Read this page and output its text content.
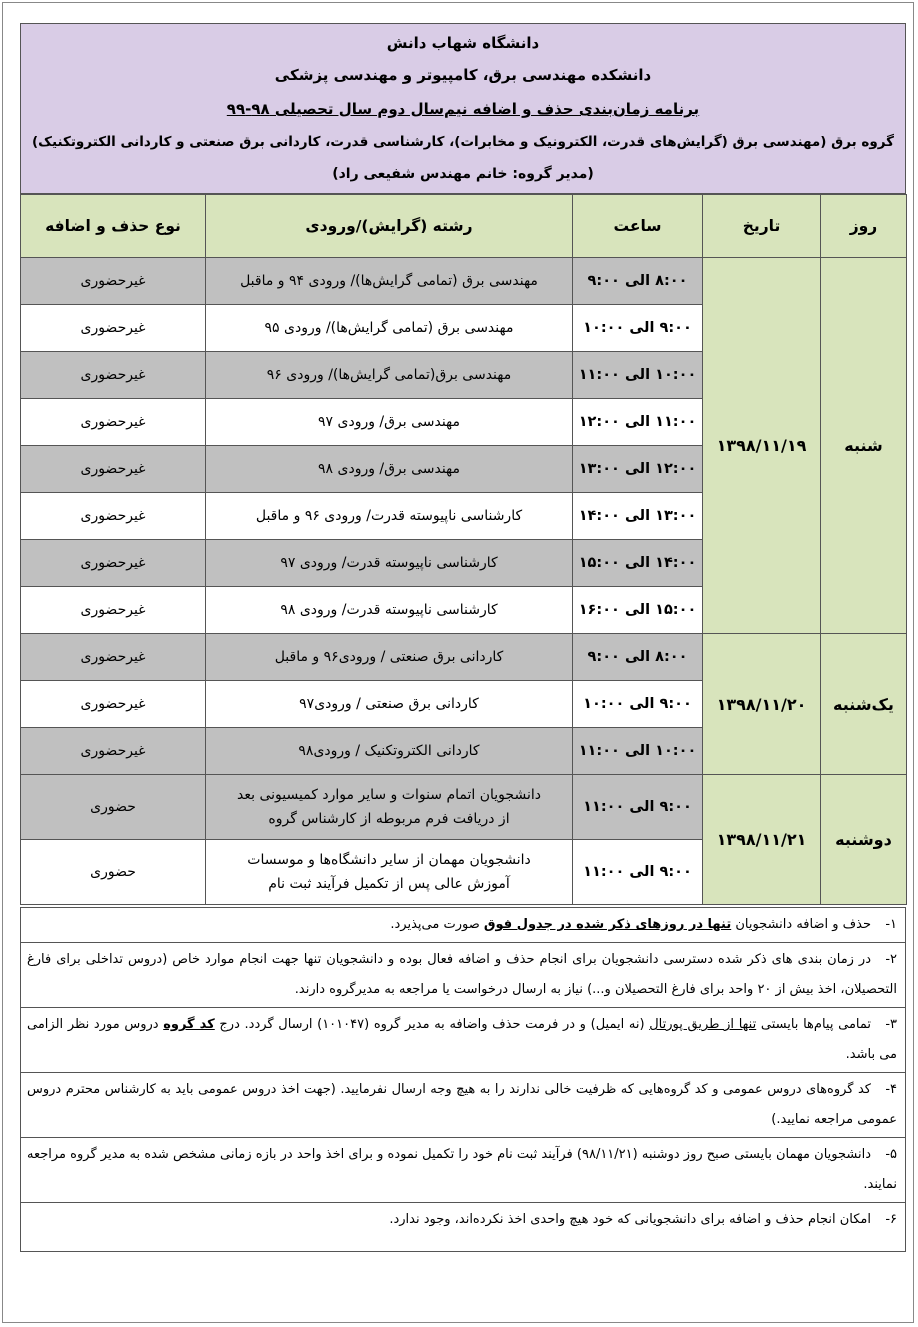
دانشگاه شهاب دانش
دانشکده مهندسی برق، کامپیوتر و مهندسی پزشکی
برنامه زمان‌بندی حذف و اضافه نیم‌سال دوم سال تحصیلی ۹۸-۹۹
گروه برق (مهندسی برق (گرایش‌های قدرت، الکترونیک و مخابرات)، کارشناسی قدرت، کاردانی برق صنعتی و کاردانی الکتروتکنیک)
(مدیر گروه: خانم مهندس شفیعی راد)
روز	تاریخ	ساعت	رشته (گرایش)/ورودی	نوع حذف و اضافه
شنبه	۱۳۹۸/۱۱/۱۹	۸:۰۰ الی ۹:۰۰	مهندسی برق (تمامی گرایش‌ها)/ ورودی ۹۴ و ماقبل	غیرحضوری
		۹:۰۰ الی ۱۰:۰۰	مهندسی برق (تمامی گرایش‌ها)/ ورودی ۹۵	غیرحضوری
		۱۰:۰۰ الی ۱۱:۰۰	مهندسی برق(تمامی گرایش‌ها)/ ورودی ۹۶	غیرحضوری
		۱۱:۰۰ الی ۱۲:۰۰	مهندسی برق/ ورودی ۹۷	غیرحضوری
		۱۲:۰۰ الی ۱۳:۰۰	مهندسی برق/ ورودی ۹۸	غیرحضوری
		۱۳:۰۰ الی ۱۴:۰۰	کارشناسی ناپیوسته قدرت/ ورودی ۹۶ و ماقبل	غیرحضوری
		۱۴:۰۰ الی ۱۵:۰۰	کارشناسی ناپیوسته قدرت/ ورودی ۹۷	غیرحضوری
		۱۵:۰۰ الی ۱۶:۰۰	کارشناسی ناپیوسته قدرت/ ورودی ۹۸	غیرحضوری
یک‌شنبه	۱۳۹۸/۱۱/۲۰	۸:۰۰ الی ۹:۰۰	کاردانی برق صنعتی / ورودی۹۶ و ماقبل	غیرحضوری
		۹:۰۰ الی ۱۰:۰۰	کاردانی برق صنعتی / ورودی۹۷	غیرحضوری
		۱۰:۰۰ الی ۱۱:۰۰	کاردانی الکتروتکنیک / ورودی۹۸	غیرحضوری
دوشنبه	۱۳۹۸/۱۱/۲۱	۹:۰۰ الی ۱۱:۰۰	دانشجویان اتمام سنوات و سایر موارد کمیسیونی بعد
از دریافت فرم مربوطه از کارشناس گروه	حضوری
		۹:۰۰ الی ۱۱:۰۰	دانشجویان مهمان از سایر دانشگاه‌ها و موسسات
آموزش عالی پس از تکمیل فرآیند ثبت نام	حضوری
۱-حذف و اضافه دانشجویان تنها در روزهای ذکر شده در جدول فوق صورت می‌پذیرد.
۲-در زمان بندی های ذکر شده دسترسی دانشجویان برای انجام حذف و اضافه فعال بوده و دانشجویان تنها جهت انجام موارد خاص (دروس تداخلی برای فارغ التحصیلان، اخذ بیش از ۲۰ واحد برای فارغ التحصیلان و...) نیاز به ارسال درخواست یا مراجعه به مدیرگروه دارند.
۳-تمامی پیام‌ها بایستی تنها از طریق پورتال (نه ایمیل) و در فرمت حذف واضافه به مدیر گروه (۱۰۱۰۴۷) ارسال گردد. درج کد گروه دروس مورد نظر الزامی می باشد.
۴-کد گروه‌های دروس عمومی و کد گروه‌هایی که ظرفیت خالی ندارند را به هیچ وجه ارسال نفرمایید. (جهت اخذ دروس عمومی باید به کارشناس محترم دروس عمومی مراجعه نمایید.)
۵-دانشجویان مهمان بایستی صبح روز دوشنبه (۹۸/۱۱/۲۱) فرآیند ثبت نام خود را تکمیل نموده و برای اخذ واحد در بازه زمانی مشخص شده به مدیر گروه مراجعه نمایند.
۶-امکان انجام حذف و اضافه برای دانشجویانی که خود هیچ واحدی اخذ نکرده‌اند، وجود ندارد.
